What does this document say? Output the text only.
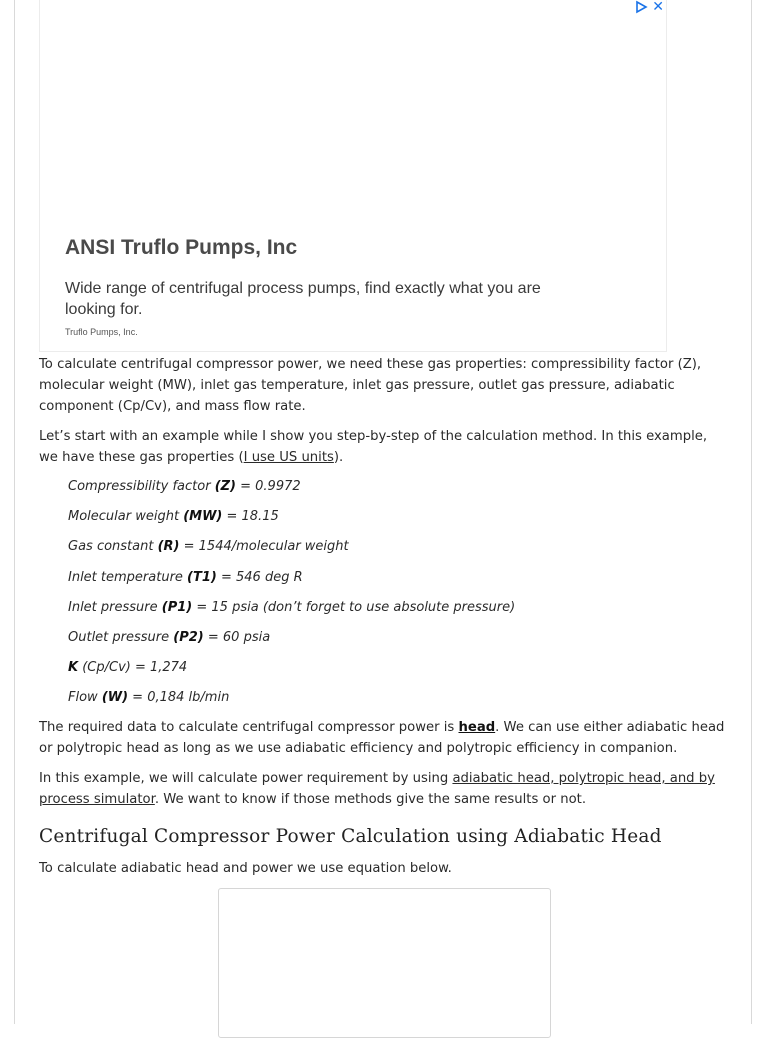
✕
ANSI Truflo Pumps, Inc
Wide range of centrifugal process pumps, find exactly what you are looking for.
Truflo Pumps, Inc.

To calculate centrifugal compressor power, we need these gas properties: compressibility factor (Z), molecular weight (MW), inlet gas temperature, inlet gas pressure, outlet gas pressure, adiabatic component (Cp/Cv), and mass flow rate.

Let’s start with an example while I show you step-by-step of the calculation method. In this example, we have these gas properties (I use US units).

Compressibility factor (Z) = 0.9972
Molecular weight (MW) = 18.15
Gas constant (R) = 1544/molecular weight
Inlet temperature (T1) = 546 deg R
Inlet pressure (P1) = 15 psia (don’t forget to use absolute pressure)
Outlet pressure (P2) = 60 psia
K (Cp/Cv) = 1,274
Flow (W) = 0,184 lb/min

The required data to calculate centrifugal compressor power is head. We can use either adiabatic head or polytropic head as long as we use adiabatic efficiency and polytropic efficiency in companion.

In this example, we will calculate power requirement by using adiabatic head, polytropic head, and by process simulator. We want to know if those methods give the same results or not.

Centrifugal Compressor Power Calculation using Adiabatic Head

To calculate adiabatic head and power we use equation below.
